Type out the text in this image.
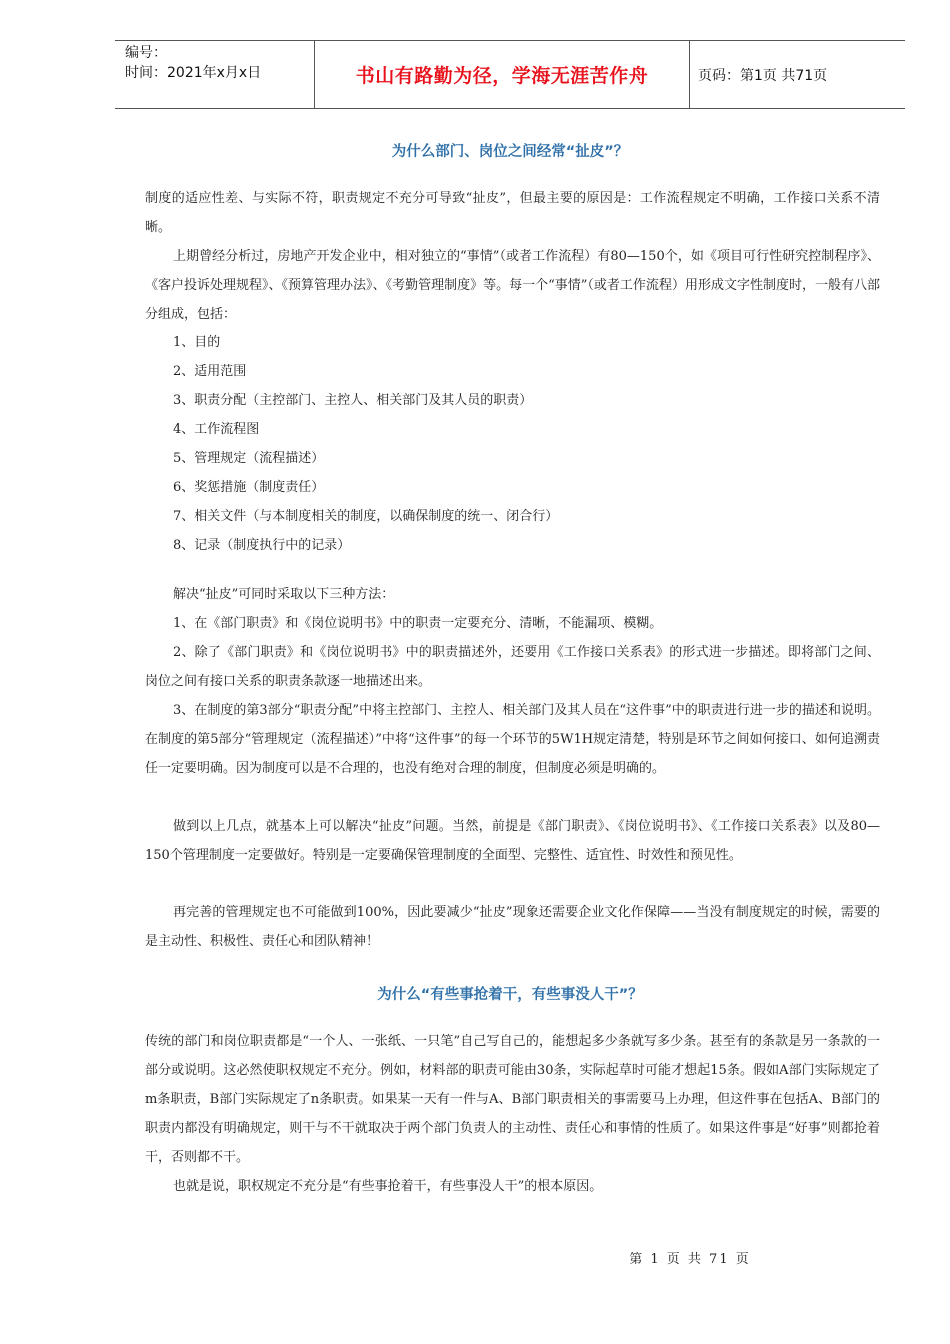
编号：
时间：2021年x月x日	书山有路勤为径，学海无涯苦作舟	页码：第1页 共71页
为什么部门、岗位之间经常“扯皮”？

制度的适应性差、与实际不符，职责规定不充分可导致“扯皮”，但最主要的原因是：工作流程规定不明确，工作接口关系不清晰。

上期曾经分析过，房地产开发企业中，相对独立的“事情”（或者工作流程）有80—150个，如《项目可行性研究控制程序》、《客户投诉处理规程》、《预算管理办法》、《考勤管理制度》等。每一个“事情”（或者工作流程）用形成文字性制度时，一般有八部分组成，包括：

1、目的

2、适用范围

3、职责分配（主控部门、主控人、相关部门及其人员的职责）

4、工作流程图

5、管理规定（流程描述）

6、奖惩措施（制度责任）

7、相关文件（与本制度相关的制度，以确保制度的统一、闭合行）

8、记录（制度执行中的记录）

解决“扯皮”可同时采取以下三种方法：

1、在《部门职责》和《岗位说明书》中的职责一定要充分、清晰，不能漏项、模糊。

2、除了《部门职责》和《岗位说明书》中的职责描述外，还要用《工作接口关系表》的形式进一步描述。即将部门之间、岗位之间有接口关系的职责条款逐一地描述出来。

3、在制度的第3部分“职责分配”中将主控部门、主控人、相关部门及其人员在“这件事”中的职责进行进一步的描述和说明。在制度的第5部分“管理规定（流程描述）”中将“这件事”的每一个环节的5W1H规定清楚，特别是环节之间如何接口、如何追溯责任一定要明确。因为制度可以是不合理的，也没有绝对合理的制度，但制度必须是明确的。

做到以上几点，就基本上可以解决“扯皮”问题。当然，前提是《部门职责》、《岗位说明书》、《工作接口关系表》以及80—150个管理制度一定要做好。特别是一定要确保管理制度的全面型、完整性、适宜性、时效性和预见性。

再完善的管理规定也不可能做到100%，因此要减少“扯皮”现象还需要企业文化作保障——当没有制度规定的时候，需要的是主动性、积极性、责任心和团队精神！

为什么“有些事抢着干，有些事没人干”？

传统的部门和岗位职责都是“一个人、一张纸、一只笔”自己写自己的，能想起多少条就写多少条。甚至有的条款是另一条款的一部分或说明。这必然使职权规定不充分。例如，材料部的职责可能由30条，实际起草时可能才想起15条。假如A部门实际规定了m条职责，B部门实际规定了n条职责。如果某一天有一件与A、B部门职责相关的事需要马上办理，但这件事在包括A、B部门的职责内都没有明确规定，则干与不干就取决于两个部门负责人的主动性、责任心和事情的性质了。如果这件事是“好事”则都抢着干，否则都不干。

也就是说，职权规定不充分是“有些事抢着干，有些事没人干”的根本原因。

第 1 页 共 71 页
